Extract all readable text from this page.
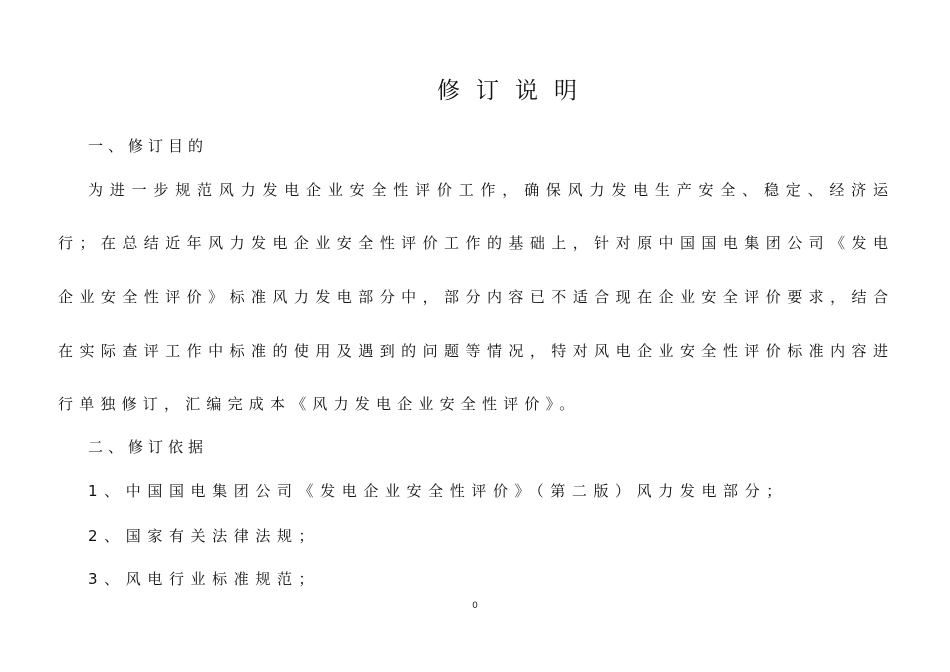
修订说明
一、修订目的
为进一步规范风力发电企业安全性评价工作，确保风力发电生产安全、稳定、经济运
行；在总结近年风力发电企业安全性评价工作的基础上，针对原中国国电集团公司《发电
企业安全性评价》标准风力发电部分中，部分内容已不适合现在企业安全评价要求，结合
在实际查评工作中标准的使用及遇到的问题等情况，特对风电企业安全性评价标准内容进
行单独修订，汇编完成本《风力发电企业安全性评价》。
二、修订依据
1、中国国电集团公司《发电企业安全性评价》（第二版）风力发电部分；
2、国家有关法律法规；
3、风电行业标准规范；
0
